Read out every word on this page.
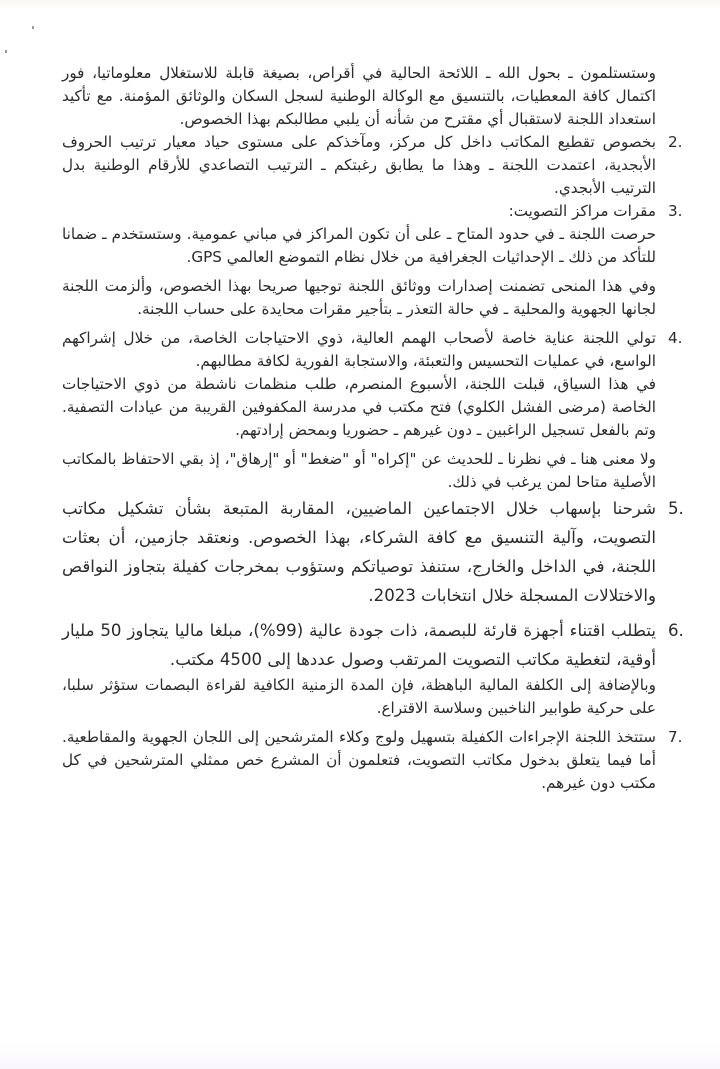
وستستلمون ـ بحول الله ـ اللائحة الحالية في أقراص، بصيغة قابلة للاستغلال معلوماتيا، فور اكتمال كافة المعطيات، بالتنسيق مع الوكالة الوطنية لسجل السكان والوثائق المؤمنة. مع تأكيد استعداد اللجنة لاستقبال أي مقترح من شأنه أن يلبي مطالبكم بهذا الخصوص.

2.

بخصوص تقطيع المكاتب داخل كل مركز، ومآخذكم على مستوى حياد معيار ترتيب الحروف الأبجدية، اعتمدت اللجنة ـ وهذا ما يطابق رغبتكم ـ الترتيب التصاعدي للأرقام الوطنية بدل الترتيب الأبجدي.

3.

مقرات مراكز التصويت:

حرصت اللجنة ـ في حدود المتاح ـ على أن تكون المراكز في مباني عمومية. وستستخدم ـ ضمانا للتأكد من ذلك ـ الإحداثيات الجغرافية من خلال نظام التموضع العالمي GPS.

وفي هذا المنحى تضمنت إصدارات ووثائق اللجنة توجيها صريحا بهذا الخصوص، وألزمت اللجنة لجانها الجهوية والمحلية ـ في حالة التعذر ـ بتأجير مقرات محايدة على حساب اللجنة.

4.

تولي اللجنة عناية خاصة لأصحاب الهمم العالية، ذوي الاحتياجات الخاصة، من خلال إشراكهم الواسع، في عمليات التحسيس والتعبئة، والاستجابة الفورية لكافة مطالبهم.

في هذا السياق، قبلت اللجنة، الأسبوع المنصرم، طلب منظمات ناشطة من ذوي الاحتياجات الخاصة (مرضى الفشل الكلوي) فتح مكتب في مدرسة المكفوفين القريبة من عيادات التصفية. وتم بالفعل تسجيل الراغبين ـ دون غيرهم ـ حضوريا وبمحض إرادتهم.

ولا معنى هنا ـ في نظرنا ـ للحديث عن "إكراه" أو "ضغط" أو "إرهاق"، إذ بقي الاحتفاظ بالمكاتب الأصلية متاحا لمن يرغب في ذلك.

5.

شرحنا بإسهاب خلال الاجتماعين الماضيين، المقاربة المتبعة بشأن تشكيل مكاتب التصويت، وآلية التنسيق مع كافة الشركاء، بهذا الخصوص. ونعتقد جازمين، أن بعثات اللجنة، في الداخل والخارج، ستنفذ توصياتكم وستؤوب بمخرجات كفيلة بتجاوز النواقص والاختلالات المسجلة خلال انتخابات 2023.

6.

يتطلب اقتناء أجهزة قارئة للبصمة، ذات جودة عالية (99%)، مبلغا ماليا يتجاوز 50 مليار أوقية، لتغطية مكاتب التصويت المرتقب وصول عددها إلى 4500 مكتب.

وبالإضافة إلى الكلفة المالية الباهظة، فإن المدة الزمنية الكافية لقراءة البصمات ستؤثر سلبا، على حركية طوابير الناخبين وسلاسة الاقتراع.

7.

ستتخذ اللجنة الإجراءات الكفيلة بتسهيل ولوج وكلاء المترشحين إلى اللجان الجهوية والمقاطعية. أما فيما يتعلق بدخول مكاتب التصويت، فتعلمون أن المشرع خص ممثلي المترشحين في كل مكتب دون غيرهم.
